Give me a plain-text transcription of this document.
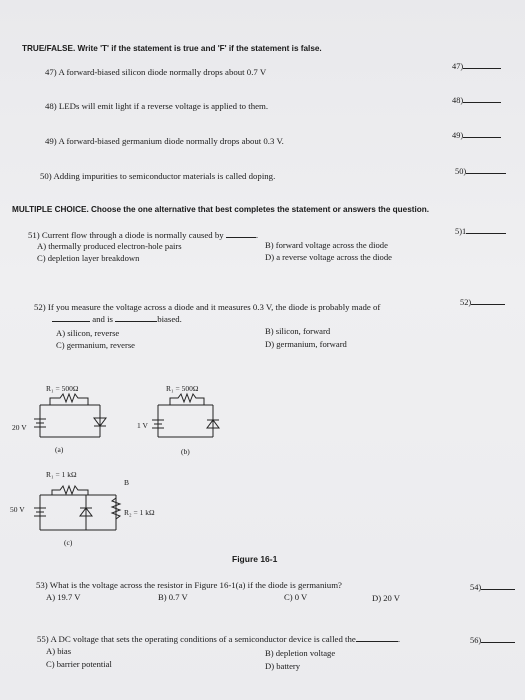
TRUE/FALSE. Write 'T' if the statement is true and 'F' if the statement is false.
47) A forward-biased silicon diode normally drops about 0.7 V
47)
48) LEDs will emit light if a reverse voltage is applied to them.
48)
49) A forward-biased germanium diode normally drops about 0.3 V.
49)
50) Adding impurities to semiconductor materials is called doping.	50)
MULTIPLE CHOICE. Choose the one alternative that best completes the statement or answers the question.
51) Current flow through a diode is normally caused by	.	5)1
A) thermally produced electron-hole pairs	B) forward voltage across the diode
C) depletion layer breakdown	D) a reverse voltage across the diode
52) If you measure the voltage across a diode and it measures 0.3 V, the diode is probably made of
and is	biased.
52)
A) silicon, reverse	B) silicon, forward
C) germanium, reverse	D) germanium, forward
R₁ = 500Ω
20 V
(a)
R₁ = 500Ω
1 V
(b)
R₁ = 1 kΩ
B
50 V	R₂ = 1 kΩ
(c)
Figure 16-1
53) What is the voltage across the resistor in Figure 16-1(a) if the diode is germanium?	54)
A) 19.7 V	B) 0.7 V	C) 0 V	D) 20 V
55) A DC voltage that sets the operating conditions of a semiconductor device is called the	.	56)
A) bias	B) depletion voltage
C) barrier potential	D) battery
